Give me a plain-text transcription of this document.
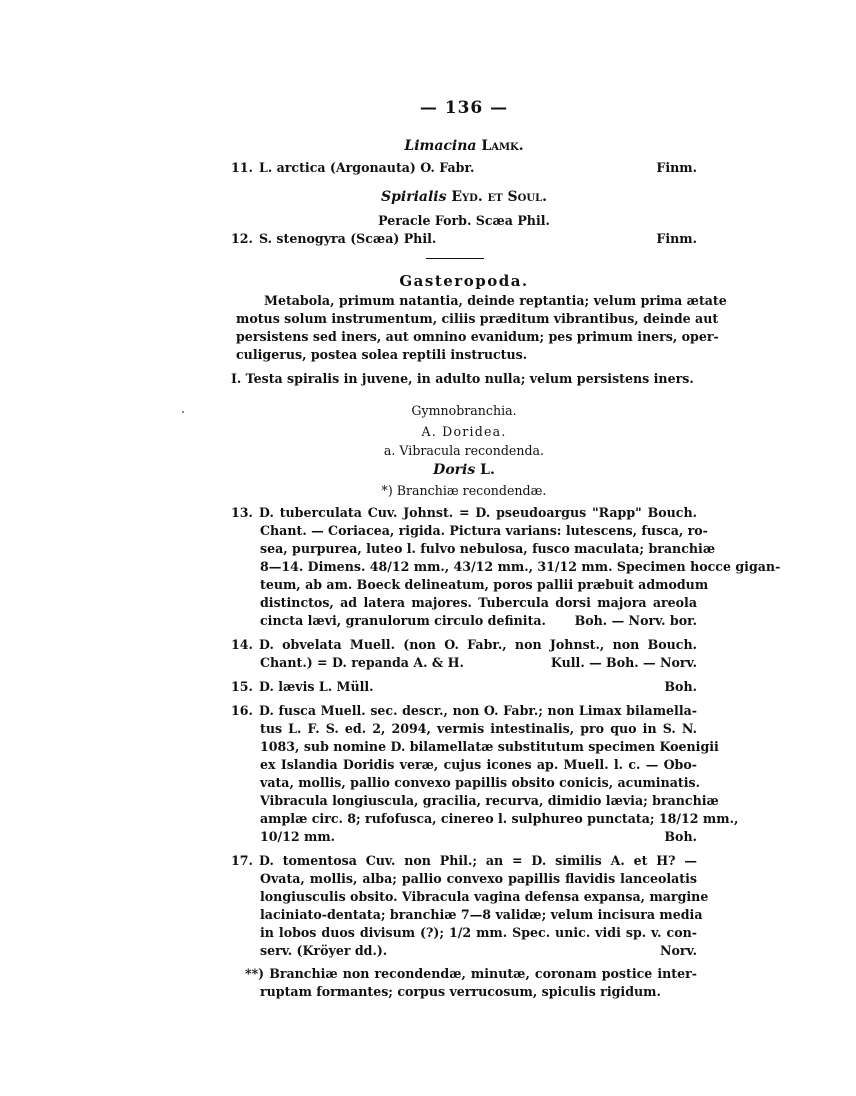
— 136 —
Limacina Lamk.
11. L. arctica (Argonauta) O. Fabr.	Finm.
Spirialis Eyd. et Soul.
Peracle Forb. Scæa Phil.
12. S. stenogyra (Scæa) Phil.	Finm.
Gasteropoda.
Metabola, primum natantia, deinde reptantia; velum prima ætate
motus solum instrumentum, ciliis præditum vibrantibus, deinde aut
persistens sed iners, aut omnino evanidum; pes primum iners, oper-
culigerus, postea solea reptili instructus.
I. Testa spiralis in juvene, in adulto nulla; velum persistens iners.
Gymnobranchia.
A. Doridea.
a. Vibracula recondenda.
Doris L.
*) Branchiæ recondendæ.
13. D. tuberculata Cuv. Johnst. = D. pseudoargus "Rapp" Bouch.
Chant. — Coriacea, rigida. Pictura varians: lutescens, fusca, ro-
sea, purpurea, luteo l. fulvo nebulosa, fusco maculata; branchiæ
8—14. Dimens. 48/12 mm., 43/12 mm., 31/12 mm. Specimen hocce gigan-
teum, ab am. Boeck delineatum, poros pallii præbuit admodum
distinctos, ad latera majores. Tubercula dorsi majora areola
cincta lævi, granulorum circulo definita. Boh. — Norv. bor.
14. D. obvelata Muell. (non O. Fabr., non Johnst., non Bouch.
Chant.) = D. repanda A. & H.	Kull. — Boh. — Norv.
15. D. lævis L. Müll.	Boh.
16. D. fusca Muell. sec. descr., non O. Fabr.; non Limax bilamella-
tus L. F. S. ed. 2, 2094, vermis intestinalis, pro quo in S. N.
1083, sub nomine D. bilamellatæ substitutum specimen Koenigii
ex Islandia Doridis veræ, cujus icones ap. Muell. l. c. — Obo-
vata, mollis, pallio convexo papillis obsito conicis, acuminatis.
Vibracula longiuscula, gracilia, recurva, dimidio lævia; branchiæ
amplæ circ. 8; rufofusca, cinereo l. sulphureo punctata; 18/12 mm.,
10/12 mm.	Boh.
17. D. tomentosa Cuv. non Phil.; an = D. similis A. et H? —
Ovata, mollis, alba; pallio convexo papillis flavidis lanceolatis
longiusculis obsito. Vibracula vagina defensa expansa, margine
laciniato-dentata; branchiæ 7—8 validæ; velum incisura media
in lobos duos divisum (?); 1/2 mm. Spec. unic. vidi sp. v. con-
serv. (Kröyer dd.).	Norv.
**) Branchiæ non recondendæ, minutæ, coronam postice inter-
ruptam formantes; corpus verrucosum, spiculis rigidum.
